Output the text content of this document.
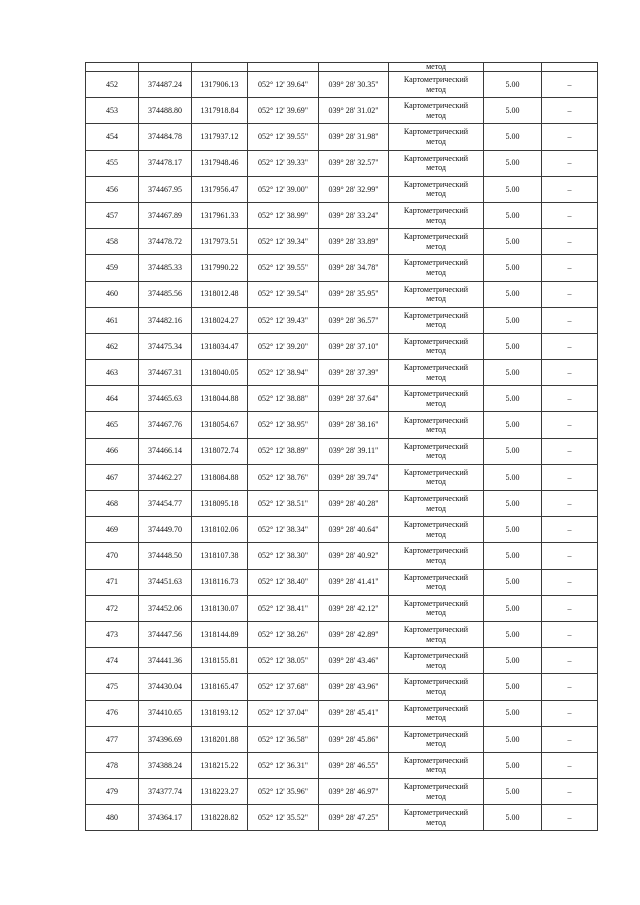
					метод		

452	374487.24	1317906.13	052° 12' 39.64"	039° 28' 30.35"	Картометрический
метод	5.00	–
453	374488.80	1317918.84	052° 12' 39.69"	039° 28' 31.02"	Картометрический
метод	5.00	–
454	374484.78	1317937.12	052° 12' 39.55"	039° 28' 31.98"	Картометрический
метод	5.00	–
455	374478.17	1317948.46	052° 12' 39.33"	039° 28' 32.57"	Картометрический
метод	5.00	–
456	374467.95	1317956.47	052° 12' 39.00"	039° 28' 32.99"	Картометрический
метод	5.00	–
457	374467.89	1317961.33	052° 12' 38.99"	039° 28' 33.24"	Картометрический
метод	5.00	–
458	374478.72	1317973.51	052° 12' 39.34"	039° 28' 33.89"	Картометрический
метод	5.00	–
459	374485.33	1317990.22	052° 12' 39.55"	039° 28' 34.78"	Картометрический
метод	5.00	–
460	374485.56	1318012.48	052° 12' 39.54"	039° 28' 35.95"	Картометрический
метод	5.00	–
461	374482.16	1318024.27	052° 12' 39.43"	039° 28' 36.57"	Картометрический
метод	5.00	–
462	374475.34	1318034.47	052° 12' 39.20"	039° 28' 37.10"	Картометрический
метод	5.00	–
463	374467.31	1318040.05	052° 12' 38.94"	039° 28' 37.39"	Картометрический
метод	5.00	–
464	374465.63	1318044.88	052° 12' 38.88"	039° 28' 37.64"	Картометрический
метод	5.00	–
465	374467.76	1318054.67	052° 12' 38.95"	039° 28' 38.16"	Картометрический
метод	5.00	–
466	374466.14	1318072.74	052° 12' 38.89"	039° 28' 39.11"	Картометрический
метод	5.00	–
467	374462.27	1318084.88	052° 12' 38.76"	039° 28' 39.74"	Картометрический
метод	5.00	–
468	374454.77	1318095.18	052° 12' 38.51"	039° 28' 40.28"	Картометрический
метод	5.00	–
469	374449.70	1318102.06	052° 12' 38.34"	039° 28' 40.64"	Картометрический
метод	5.00	–
470	374448.50	1318107.38	052° 12' 38.30"	039° 28' 40.92"	Картометрический
метод	5.00	–
471	374451.63	1318116.73	052° 12' 38.40"	039° 28' 41.41"	Картометрический
метод	5.00	–
472	374452.06	1318130.07	052° 12' 38.41"	039° 28' 42.12"	Картометрический
метод	5.00	–
473	374447.56	1318144.89	052° 12' 38.26"	039° 28' 42.89"	Картометрический
метод	5.00	–
474	374441.36	1318155.81	052° 12' 38.05"	039° 28' 43.46"	Картометрический
метод	5.00	–
475	374430.04	1318165.47	052° 12' 37.68"	039° 28' 43.96"	Картометрический
метод	5.00	–
476	374410.65	1318193.12	052° 12' 37.04"	039° 28' 45.41"	Картометрический
метод	5.00	–
477	374396.69	1318201.88	052° 12' 36.58"	039° 28' 45.86"	Картометрический
метод	5.00	–
478	374388.24	1318215.22	052° 12' 36.31"	039° 28' 46.55"	Картометрический
метод	5.00	–
479	374377.74	1318223.27	052° 12' 35.96"	039° 28' 46.97"	Картометрический
метод	5.00	–
480	374364.17	1318228.82	052° 12' 35.52"	039° 28' 47.25"	Картометрический
метод	5.00	–
